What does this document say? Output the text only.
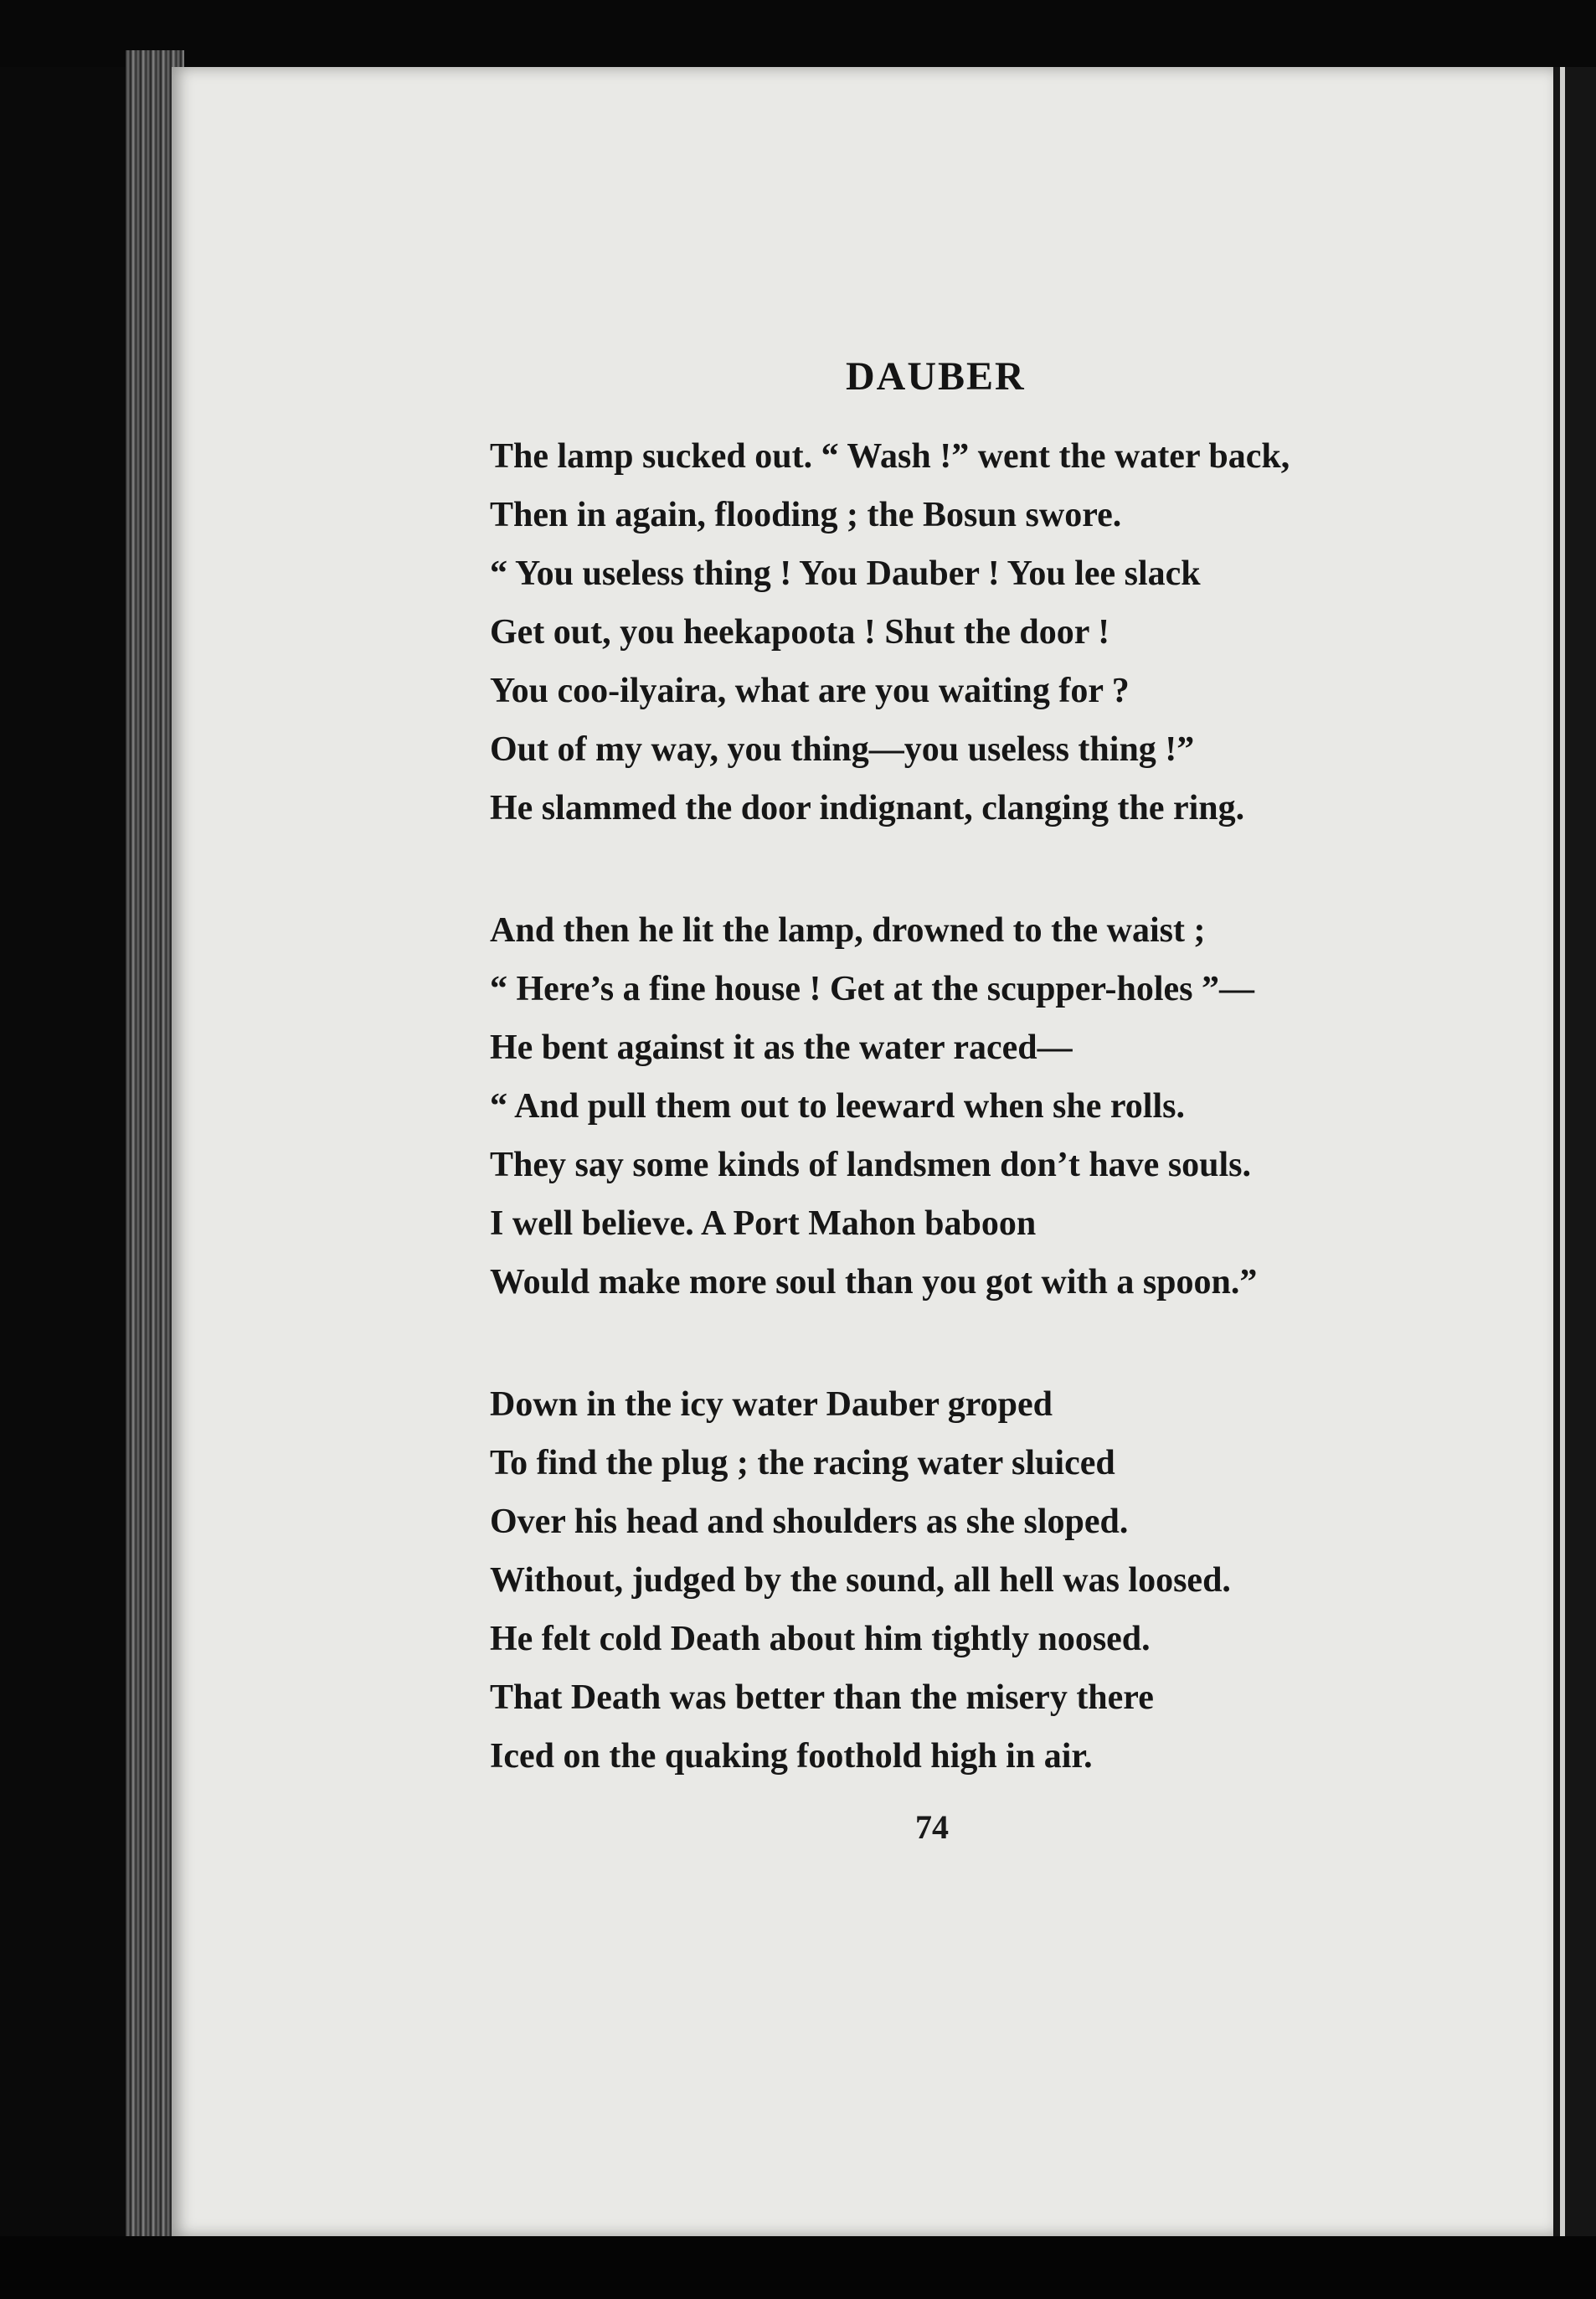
DAUBER
The lamp sucked out. “ Wash !” went the water back,
Then in again, flooding ; the Bosun swore.
“ You useless thing ! You Dauber ! You lee slack
Get out, you heekapoota ! Shut the door !
You coo-ilyaira, what are you waiting for ?
Out of my way, you thing—you useless thing !”
He slammed the door indignant, clanging the ring.
And then he lit the lamp, drowned to the waist ;
“ Here’s a fine house ! Get at the scupper-holes ”—
He bent against it as the water raced—
“ And pull them out to leeward when she rolls.
They say some kinds of landsmen don’t have souls.
I well believe. A Port Mahon baboon
Would make more soul than you got with a spoon.”
Down in the icy water Dauber groped
To find the plug ; the racing water sluiced
Over his head and shoulders as she sloped.
Without, judged by the sound, all hell was loosed.
He felt cold Death about him tightly noosed.
That Death was better than the misery there
Iced on the quaking foothold high in air.
74
